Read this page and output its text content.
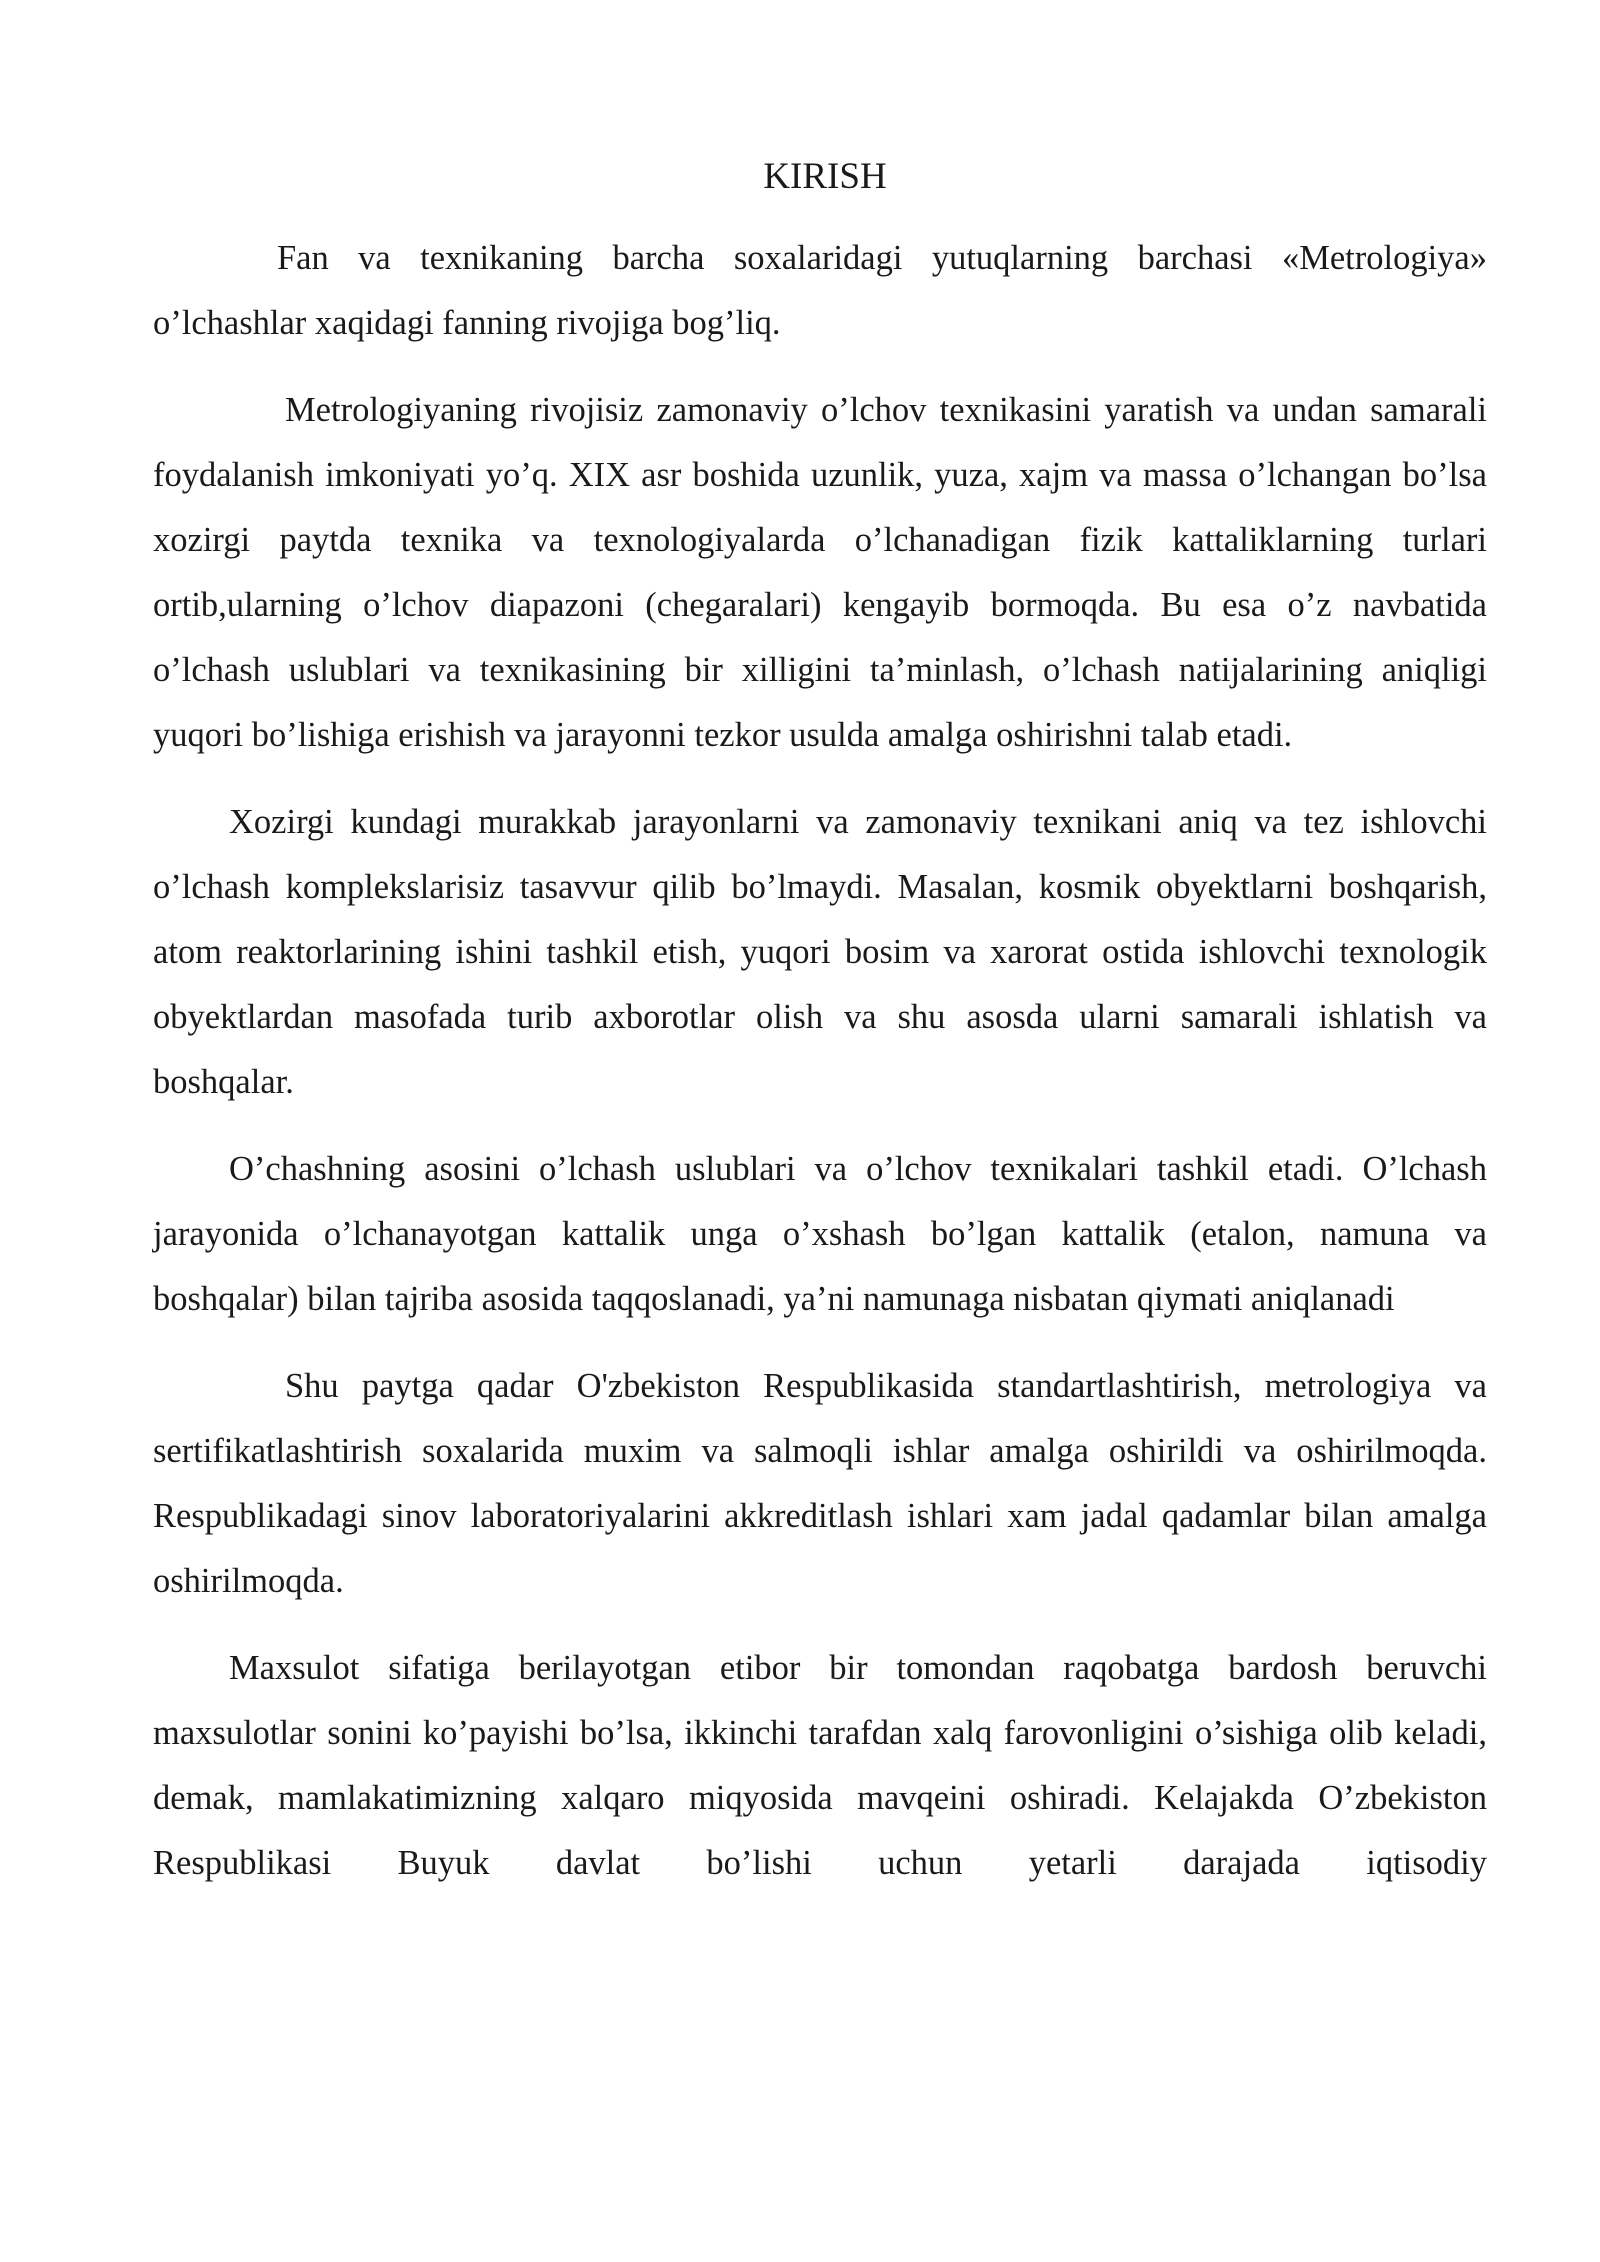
KIRISH

Fan va texnikaning barcha soxalaridagi yutuqlarning barchasi «Metrologiya» o’lchashlar xaqidagi fanning rivojiga bog’liq.

Metrologiyaning rivojisiz zamonaviy o’lchov texnikasini yaratish va undan samarali foydalanish imkoniyati yo’q. XIX asr boshida uzunlik, yuza, xajm va massa o’lchangan bo’lsa xozirgi paytda texnika va texnologiyalarda o’lchanadigan fizik kattaliklarning turlari ortib,ularning o’lchov diapazoni (chegaralari) kengayib bormoqda. Bu esa o’z navbatida o’lchash uslublari va texnikasining bir xilligini ta’minlash, o’lchash natijalarining aniqligi yuqori bo’lishiga erishish va jarayonni tezkor usulda amalga oshirishni talab etadi.

Xozirgi kundagi murakkab jarayonlarni va zamonaviy texnikani aniq va tez ishlovchi o’lchash komplekslarisiz tasavvur qilib bo’lmaydi. Masalan, kosmik obyektlarni boshqarish, atom reaktorlarining ishini tashkil etish, yuqori bosim va xarorat ostida ishlovchi texnologik obyektlardan masofada turib axborotlar olish va shu asosda ularni samarali ishlatish va boshqalar.

O’chashning asosini o’lchash uslublari va o’lchov texnikalari tashkil etadi. O’lchash jarayonida o’lchanayotgan kattalik unga o’xshash bo’lgan kattalik (etalon, namuna va boshqalar) bilan tajriba asosida taqqoslanadi, ya’ni namunaga nisbatan qiymati aniqlanadi

Shu paytga qadar O'zbekiston Respublikasida standartlashtirish, metrologiya va sertifikatlashtirish soxalarida muxim va salmoqli ishlar amalga oshirildi va oshirilmoqda. Respublikadagi sinov laboratoriyalarini akkreditlash ishlari xam jadal qadamlar bilan amalga oshirilmoqda.

Maxsulot sifatiga berilayotgan etibor bir tomondan raqobatga bardosh beruvchi maxsulotlar sonini ko’payishi bo’lsa, ikkinchi tarafdan xalq farovonligini o’sishiga olib keladi, demak, mamlakatimizning xalqaro miqyosida mavqeini oshiradi. Kelajakda O’zbekiston Respublikasi Buyuk davlat bo’lishi uchun yetarli darajada iqtisodiy
